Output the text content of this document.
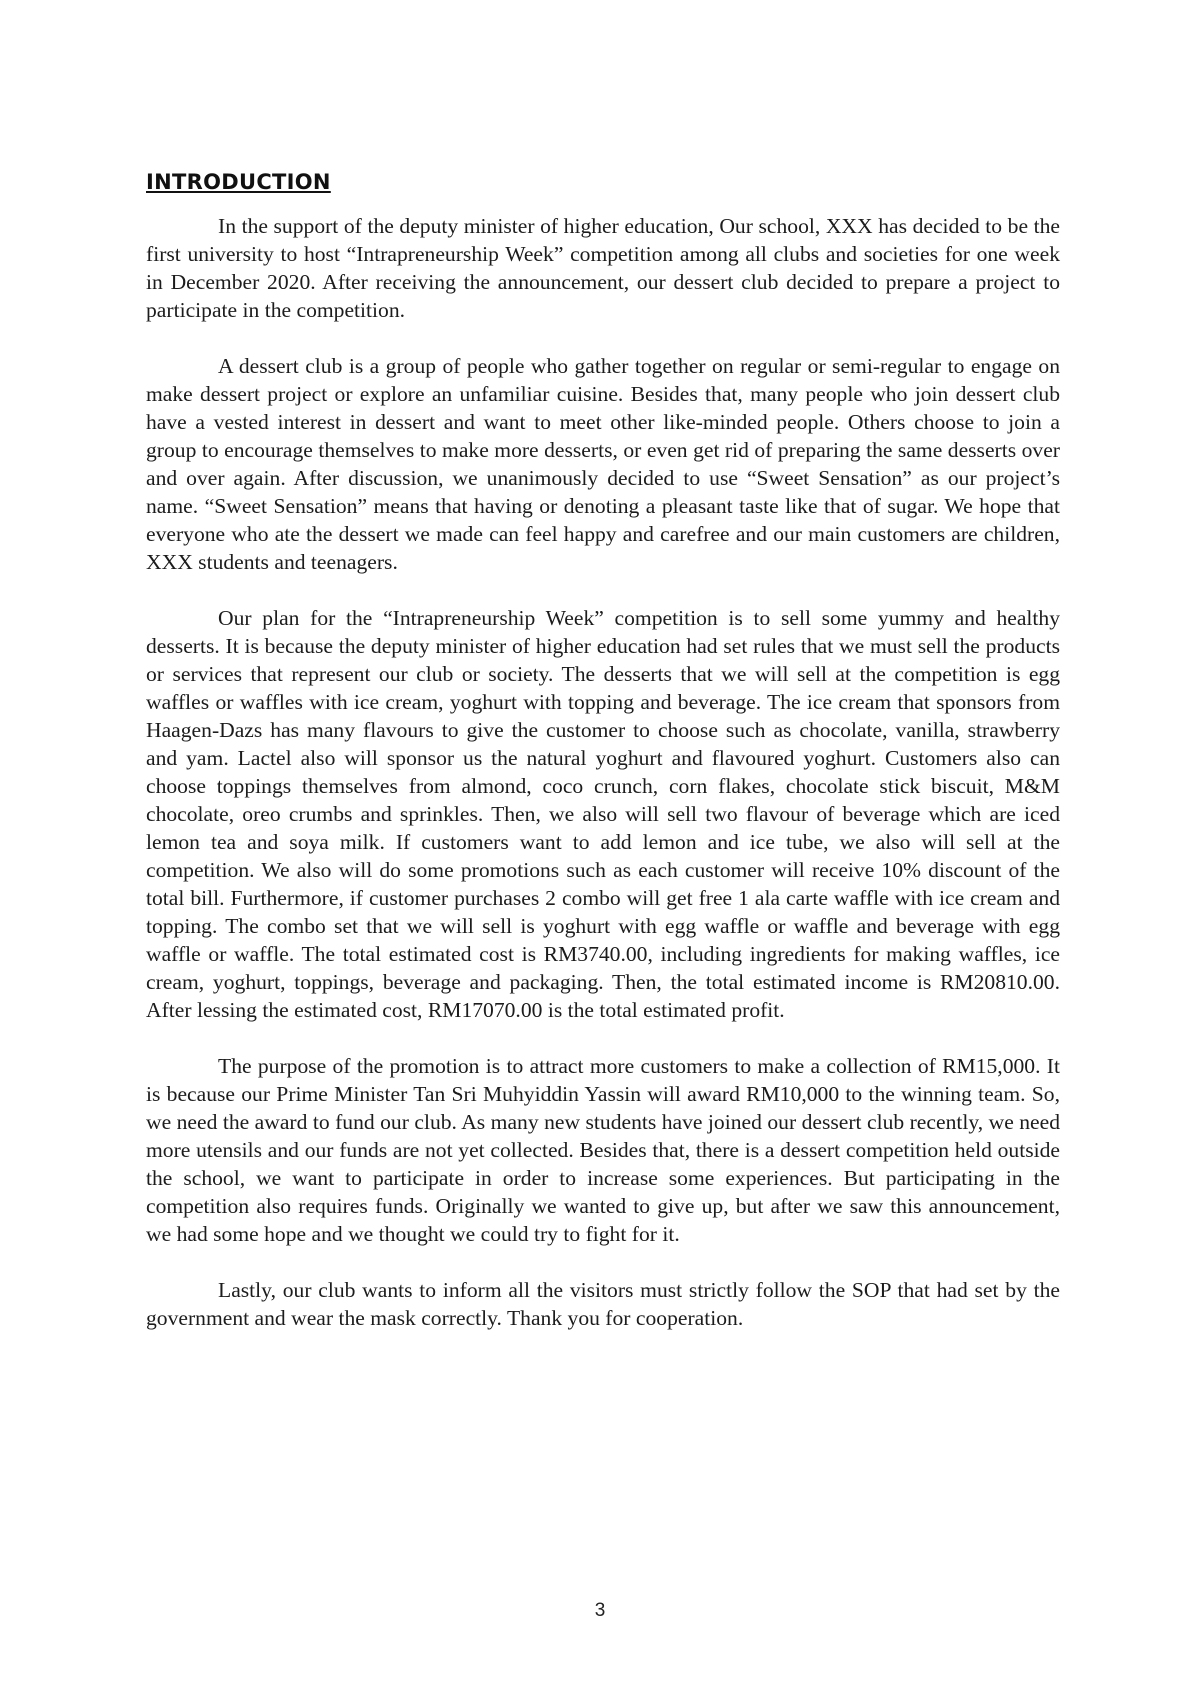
INTRODUCTION

In the support of the deputy minister of higher education, Our school, XXX has decided to be the first university to host “Intrapreneurship Week” competition among all clubs and societies for one week in December 2020. After receiving the announcement, our dessert club decided to prepare a project to participate in the competition.

A dessert club is a group of people who gather together on regular or semi-regular to engage on make dessert project or explore an unfamiliar cuisine. Besides that, many people who join dessert club have a vested interest in dessert and want to meet other like-minded people. Others choose to join a group to encourage themselves to make more desserts, or even get rid of preparing the same desserts over and over again. After discussion, we unanimously decided to use “Sweet Sensation” as our project’s name. “Sweet Sensation” means that having or denoting a pleasant taste like that of sugar. We hope that everyone who ate the dessert we made can feel happy and carefree and our main customers are children, XXX students and teenagers.

Our plan for the “Intrapreneurship Week” competition is to sell some yummy and healthy desserts. It is because the deputy minister of higher education had set rules that we must sell the products or services that represent our club or society. The desserts that we will sell at the competition is egg waffles or waffles with ice cream, yoghurt with topping and beverage. The ice cream that sponsors from Haagen-Dazs has many flavours to give the customer to choose such as chocolate, vanilla, strawberry and yam. Lactel also will sponsor us the natural yoghurt and flavoured yoghurt. Customers also can choose toppings themselves from almond, coco crunch, corn flakes, chocolate stick biscuit, M&M chocolate, oreo crumbs and sprinkles. Then, we also will sell two flavour of beverage which are iced lemon tea and soya milk. If customers want to add lemon and ice tube, we also will sell at the competition. We also will do some promotions such as each customer will receive 10% discount of the total bill. Furthermore, if customer purchases 2 combo will get free 1 ala carte waffle with ice cream and topping. The combo set that we will sell is yoghurt with egg waffle or waffle and beverage with egg waffle or waffle. The total estimated cost is RM3740.00, including ingredients for making waffles, ice cream, yoghurt, toppings, beverage and packaging. Then, the total estimated income is RM20810.00. After lessing the estimated cost, RM17070.00 is the total estimated profit.

The purpose of the promotion is to attract more customers to make a collection of RM15,000. It is because our Prime Minister Tan Sri Muhyiddin Yassin will award RM10,000 to the winning team. So, we need the award to fund our club. As many new students have joined our dessert club recently, we need more utensils and our funds are not yet collected. Besides that, there is a dessert competition held outside the school, we want to participate in order to increase some experiences. But participating in the competition also requires funds. Originally we wanted to give up, but after we saw this announcement, we had some hope and we thought we could try to fight for it.

Lastly, our club wants to inform all the visitors must strictly follow the SOP that had set by the government and wear the mask correctly. Thank you for cooperation.

3
